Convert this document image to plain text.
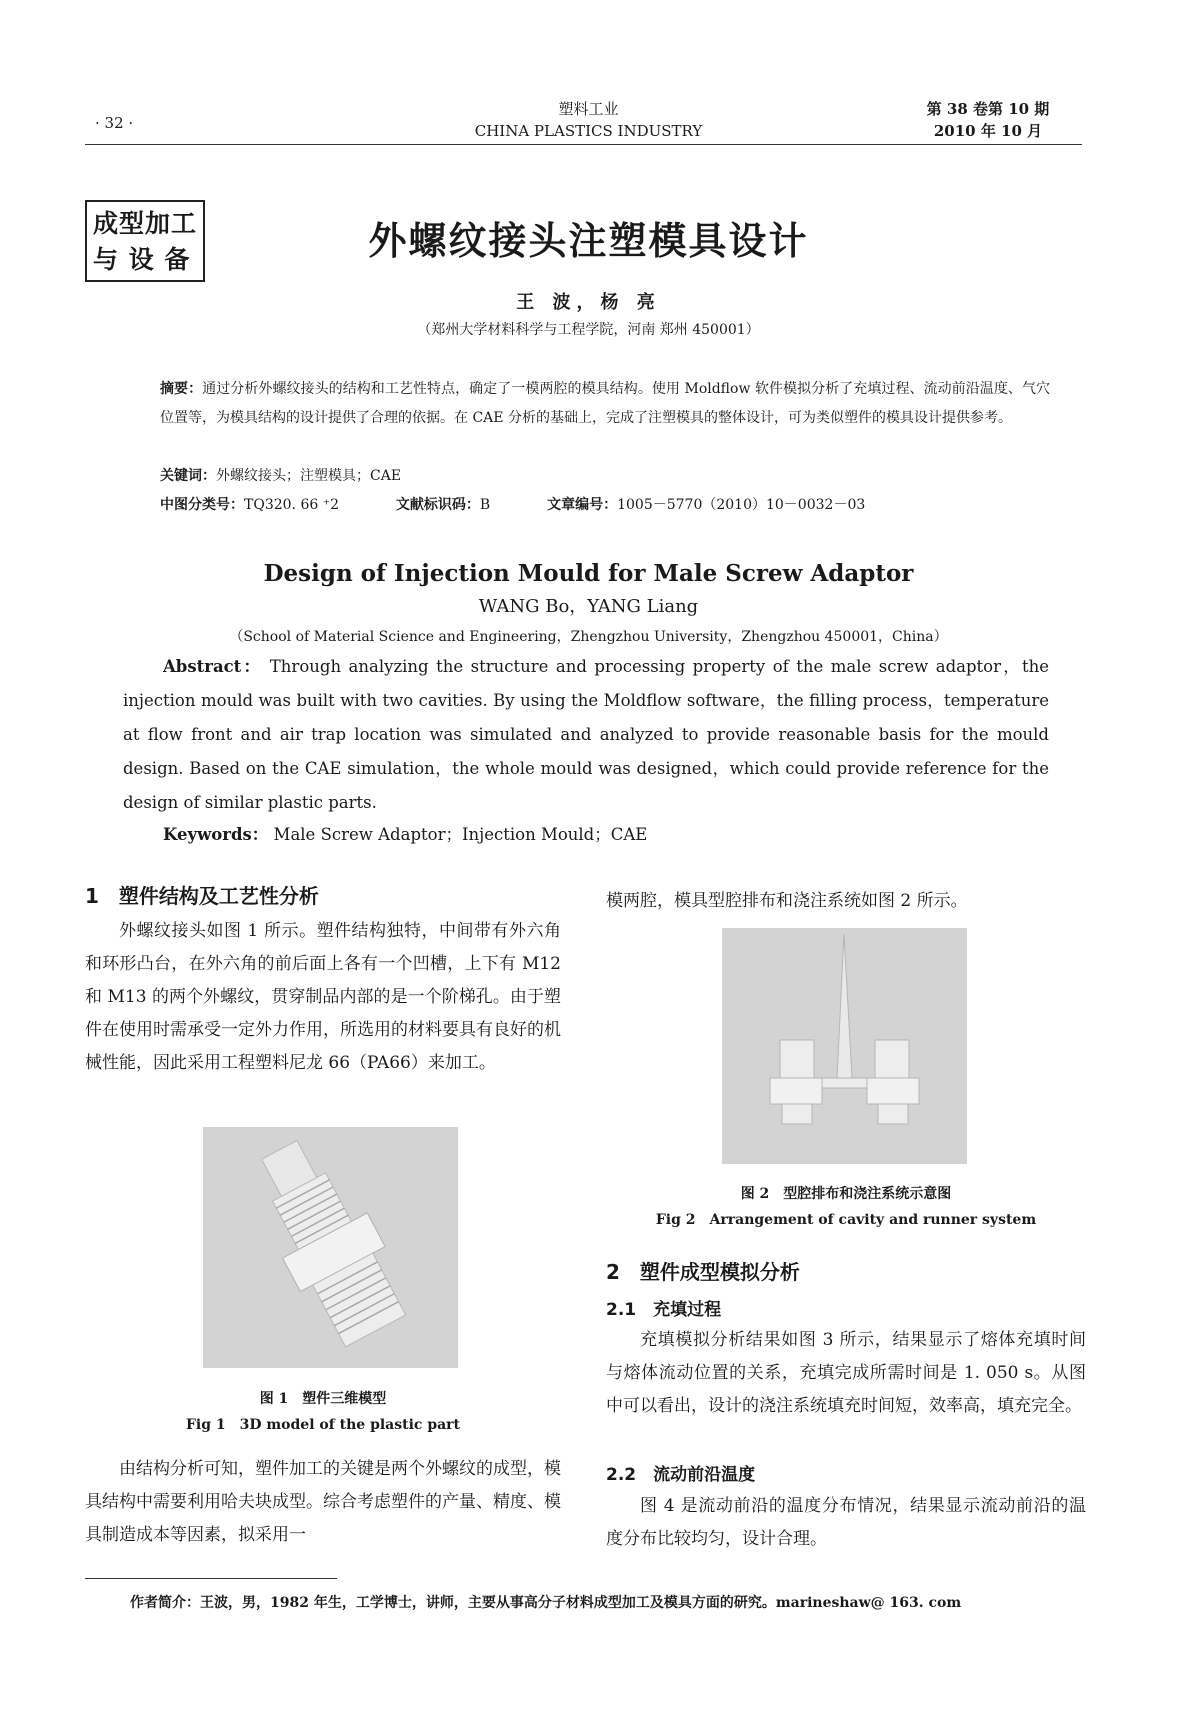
· 32 ·
塑料工业
CHINA PLASTICS INDUSTRY
第 38 卷第 10 期
2010 年 10 月
成型加工
与 设 备	外螺纹接头注塑模具设计
王 波，杨 亮
（郑州大学材料科学与工程学院，河南 郑州 450001）
摘要：通过分析外螺纹接头的结构和工艺性特点，确定了一模两腔的模具结构。使用 Moldflow 软件模拟分析了充填过程、流动前沿温度、气穴位置等，为模具结构的设计提供了合理的依据。在 CAE 分析的基础上，完成了注塑模具的整体设计，可为类似塑件的模具设计提供参考。
关键词：外螺纹接头；注塑模具；CAE
中图分类号：TQ320. 66 ⁺2	文献标识码：B	文章编号：1005－5770（2010）10－0032－03
Design of Injection Mould for Male Screw Adaptor
WANG Bo，YANG Liang
（School of Material Science and Engineering，Zhengzhou University，Zhengzhou 450001，China）
Abstract： Through analyzing the structure and processing property of the male screw adaptor，the injection mould was built with two cavities. By using the Moldflow software，the filling process，temperature at flow front and air trap location was simulated and analyzed to provide reasonable basis for the mould design. Based on the CAE simulation，the whole mould was designed，which could provide reference for the design of similar plastic parts.
Keywords： Male Screw Adaptor；Injection Mould；CAE
1　塑件结构及工艺性分析
外螺纹接头如图 1 所示。塑件结构独特，中间带有外六角和环形凸台，在外六角的前后面上各有一个凹槽，上下有 M12 和 M13 的两个外螺纹，贯穿制品内部的是一个阶梯孔。由于塑件在使用时需承受一定外力作用，所选用的材料要具有良好的机械性能，因此采用工程塑料尼龙 66（PA66）来加工。
图 1　塑件三维模型
Fig 1　3D model of the plastic part
由结构分析可知，塑件加工的关键是两个外螺纹的成型，模具结构中需要利用哈夫块成型。综合考虑塑件的产量、精度、模具制造成本等因素，拟采用一
模两腔，模具型腔排布和浇注系统如图 2 所示。
图 2　型腔排布和浇注系统示意图
Fig 2　Arrangement of cavity and runner system
2　塑件成型模拟分析
2.1　充填过程
充填模拟分析结果如图 3 所示，结果显示了熔体充填时间与熔体流动位置的关系，充填完成所需时间是 1. 050 s。从图中可以看出，设计的浇注系统填充时间短，效率高，填充完全。
2.2　流动前沿温度
图 4 是流动前沿的温度分布情况，结果显示流动前沿的温度分布比较均匀，设计合理。
作者简介：王波，男，1982 年生，工学博士，讲师，主要从事高分子材料成型加工及模具方面的研究。marineshaw@ 163. com
